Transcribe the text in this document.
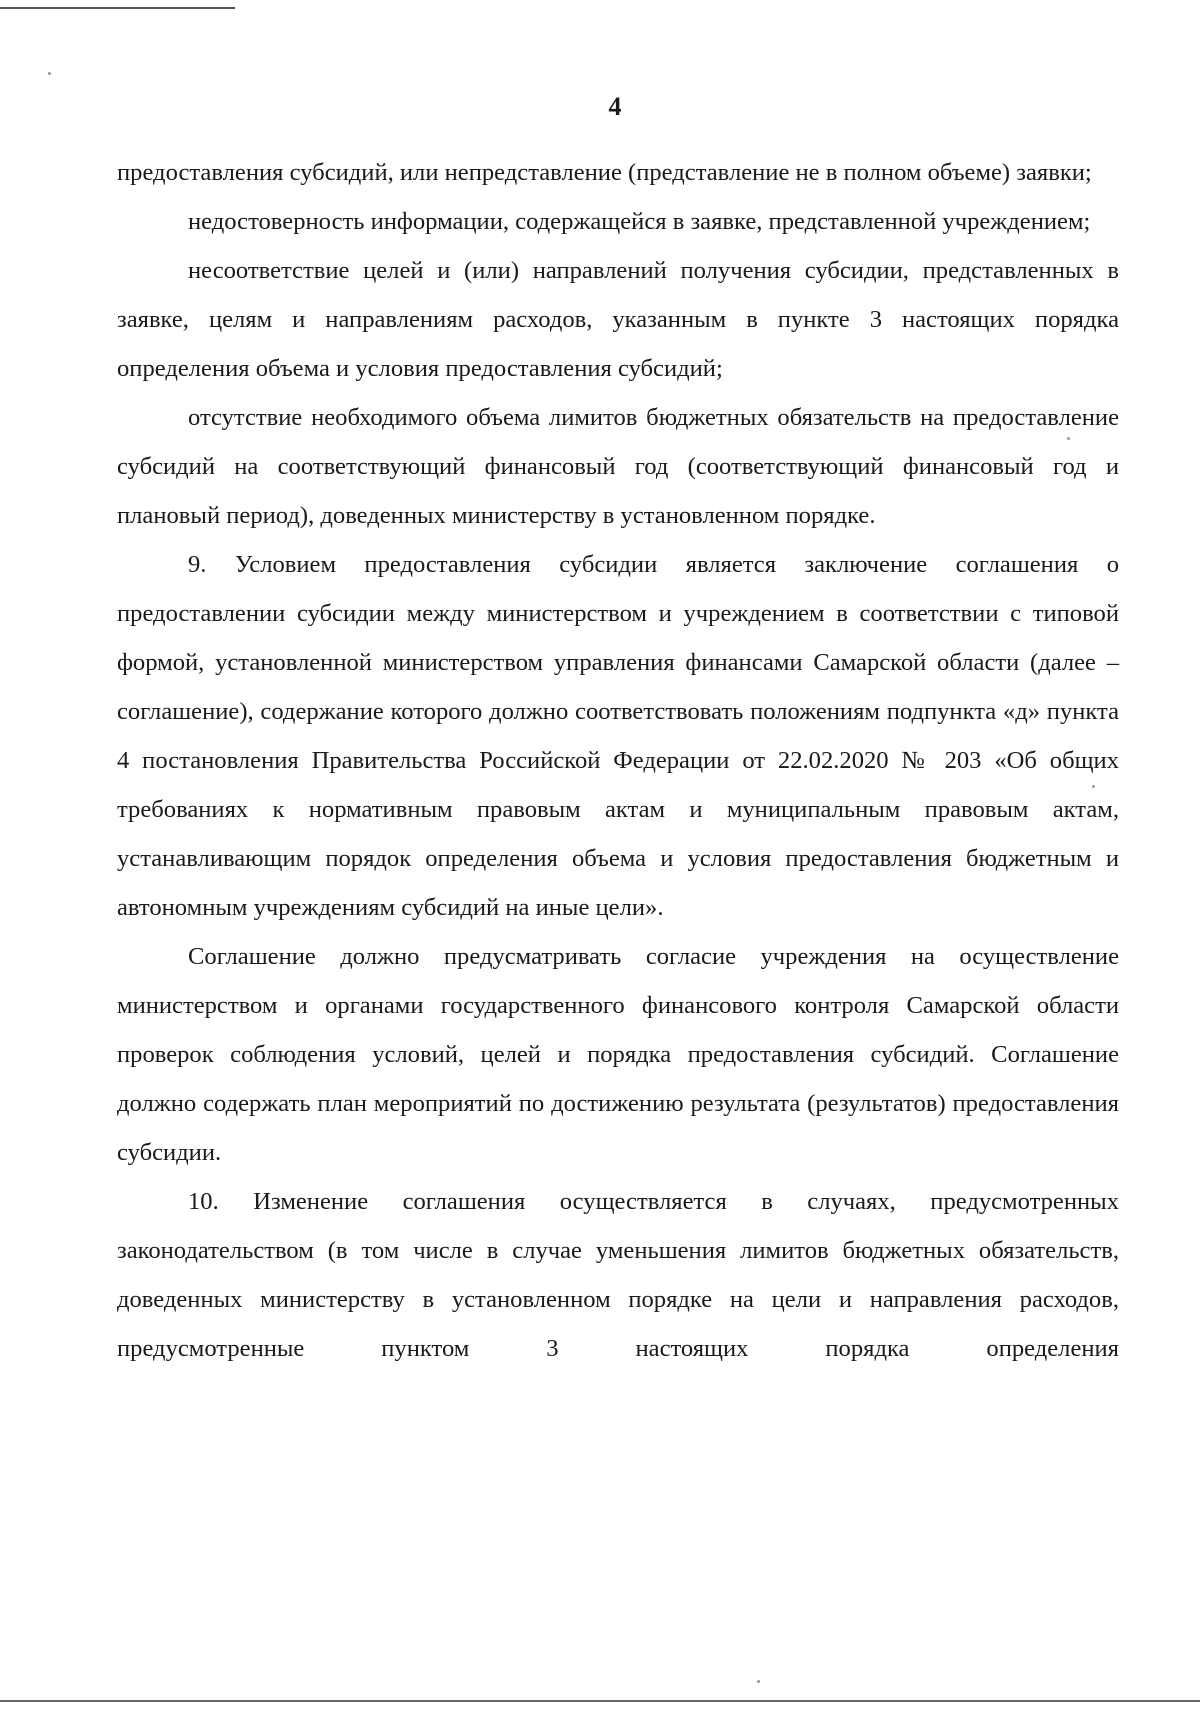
4

предоставления субсидий, или непредставление (представление не в полном объеме) заявки;

недостоверность информации, содержащейся в заявке, представленной учреждением;

несоответствие целей и (или) направлений получения субсидии, представленных в заявке, целям и направлениям расходов, указанным в пункте 3 настоящих порядка определения объема и условия предоставления субсидий;

отсутствие необходимого объема лимитов бюджетных обязательств на предоставление субсидий на соответствующий финансовый год (соответствующий финансовый год и плановый период), доведенных министерству в установленном порядке.

9. Условием предоставления субсидии является заключение соглашения о предоставлении субсидии между министерством и учреждением в соответствии с типовой формой, установленной министерством управления финансами Самарской области (далее – соглашение), содержание которого должно соответствовать положениям подпункта «д» пункта 4 постановления Правительства Российской Федерации от 22.02.2020 № 203 «Об общих требованиях к нормативным правовым актам и муниципальным правовым актам, устанавливающим порядок определения объема и условия предоставления бюджетным и автономным учреждениям субсидий на иные цели».

Соглашение должно предусматривать согласие учреждения на осуществление министерством и органами государственного финансового контроля Самарской области проверок соблюдения условий, целей и порядка предоставления субсидий. Соглашение должно содержать план мероприятий по достижению результата (результатов) предоставления субсидии.

10. Изменение соглашения осуществляется в случаях, предусмотренных законодательством (в том числе в случае уменьшения лимитов бюджетных обязательств, доведенных министерству в установленном порядке на цели и направления расходов, предусмотренные пунктом 3 настоящих порядка определения
